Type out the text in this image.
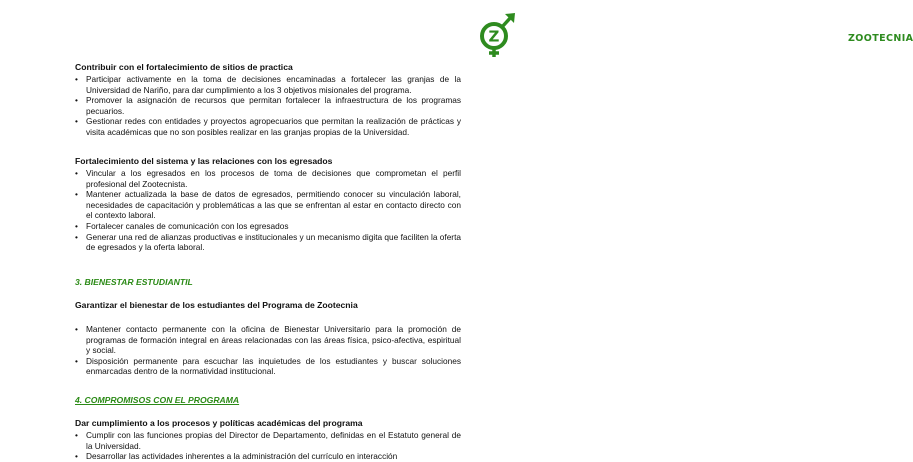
ZOOTECNIA
Z

Contribuir con el fortalecimiento de sitios de practica

• Participar activamente en la toma de decisiones encaminadas a fortalecer las granjas de la Universidad de Nariño, para dar cumplimiento a los 3 objetivos misionales del programa.
• Promover la asignación de recursos que permitan fortalecer la infraestructura de los programas pecuarios.
• Gestionar redes con entidades y proyectos agropecuarios que permitan la realización de prácticas y visita académicas que no son posibles realizar en las granjas propias de la Universidad.

Fortalecimiento del sistema y las relaciones con los egresados

• Vincular a los egresados en los procesos de toma de decisiones que comprometan el perfil profesional del Zootecnista.
• Mantener actualizada la base de datos de egresados, permitiendo conocer su vinculación laboral, necesidades de capacitación y problemáticas a las que se enfrentan al estar en contacto directo con el contexto laboral.
• Fortalecer canales de comunicación con los egresados
• Generar una red de alianzas productivas e institucionales y un mecanismo digita que faciliten la oferta de egresados y la oferta laboral.

3. BIENESTAR ESTUDIANTIL

Garantizar el bienestar de los estudiantes del Programa de Zootecnia

• Mantener contacto permanente con la oficina de Bienestar Universitario para la promoción de programas de formación integral en áreas relacionadas con las áreas física, psico-afectiva, espiritual y social.
• Disposición permanente para escuchar las inquietudes de los estudiantes y buscar soluciones enmarcadas dentro de la normatividad institucional.

4. COMPROMISOS CON EL PROGRAMA

Dar cumplimiento a los procesos y políticas académicas del programa

• Cumplir con las funciones propias del Director de Departamento, definidas en el Estatuto general de la Universidad.
• Desarrollar las actividades inherentes a la administración del currículo en interacción
